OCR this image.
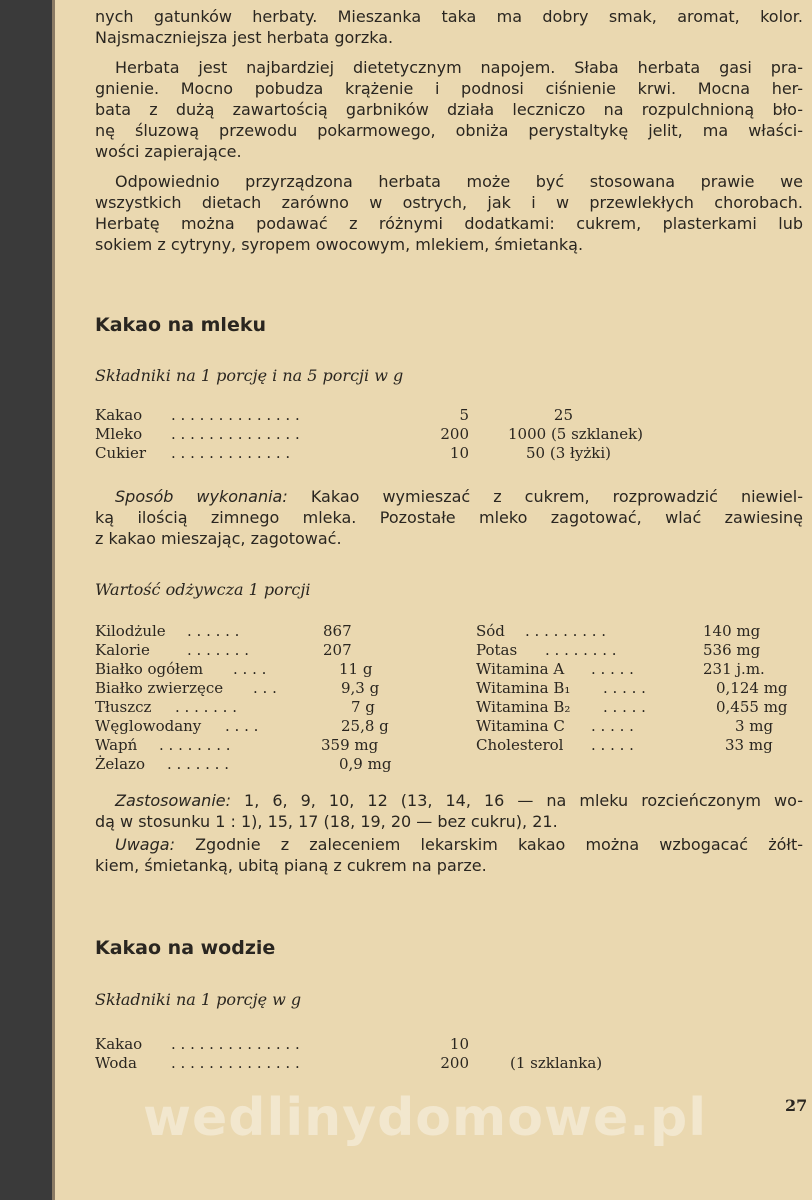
nych gatunków herbaty. Mieszanka taka ma dobry smak, aromat, kolor.
Najsmaczniejsza jest herbata gorzka.
Herbata jest najbardziej dietetycznym napojem. Słaba herbata gasi pra-
gnienie. Mocno pobudza krążenie i podnosi ciśnienie krwi. Mocna her-
bata z dużą zawartością garbników działa leczniczo na rozpulchnioną bło-
nę śluzową przewodu pokarmowego, obniża perystaltykę jelit, ma właści-
wości zapierające.
Odpowiednio przyrządzona herbata może być stosowana prawie we
wszystkich dietach zarówno w ostrych, jak i w przewlekłych chorobach.
Herbatę można podawać z różnymi dodatkami: cukrem, plasterkami lub
sokiem z cytryny, syropem owocowym, mlekiem, śmietanką.
Kakao na mleku
Składniki na 1 porcję i na 5 porcji w g
Kakao . . . . . . . . . . . . . .	5	25
Mleko . . . . . . . . . . . . . .	200	1000 (5 szklanek)
Cukier . . . . . . . . . . . . .	10	50 (3 łyżki)
Sposób wykonania: Kakao wymieszać z cukrem, rozprowadzić niewiel-
ką ilością zimnego mleka. Pozostałe mleko zagotować, wlać zawiesinę
z kakao mieszając, zagotować.
Wartość odżywcza 1 porcji
Kilodżule . . . . . .	867
Kalorie . . . . . . .	207
Białko ogółem . . . .	11 g
Białko zwierzęce . . .	9,3 g
Tłuszcz . . . . . . .	7 g
Węglowodany . . . .	25,8 g
Wapń . . . . . . . .	359 mg
Żelazo . . . . . . .	0,9 mg
Sód . . . . . . . . .	140 mg
Potas . . . . . . . .	536 mg
Witamina A . . . . .	231 j.m.
Witamina B₁ . . . . .	0,124 mg
Witamina B₂ . . . . .	0,455 mg
Witamina C . . . . .	3 mg
Cholesterol . . . . .	33 mg
Zastosowanie: 1, 6, 9, 10, 12 (13, 14, 16 — na mleku rozcieńczonym wo-
dą w stosunku 1 : 1), 15, 17 (18, 19, 20 — bez cukru), 21.
Uwaga: Zgodnie z zaleceniem lekarskim kakao można wzbogacać żółt-
kiem, śmietanką, ubitą pianą z cukrem na parze.
Kakao na wodzie
Składniki na 1 porcję w g
Kakao . . . . . . . . . . . . . .	10
Woda . . . . . . . . . . . . . .	200	(1 szklanka)
wedlinydomowe.pl	27
